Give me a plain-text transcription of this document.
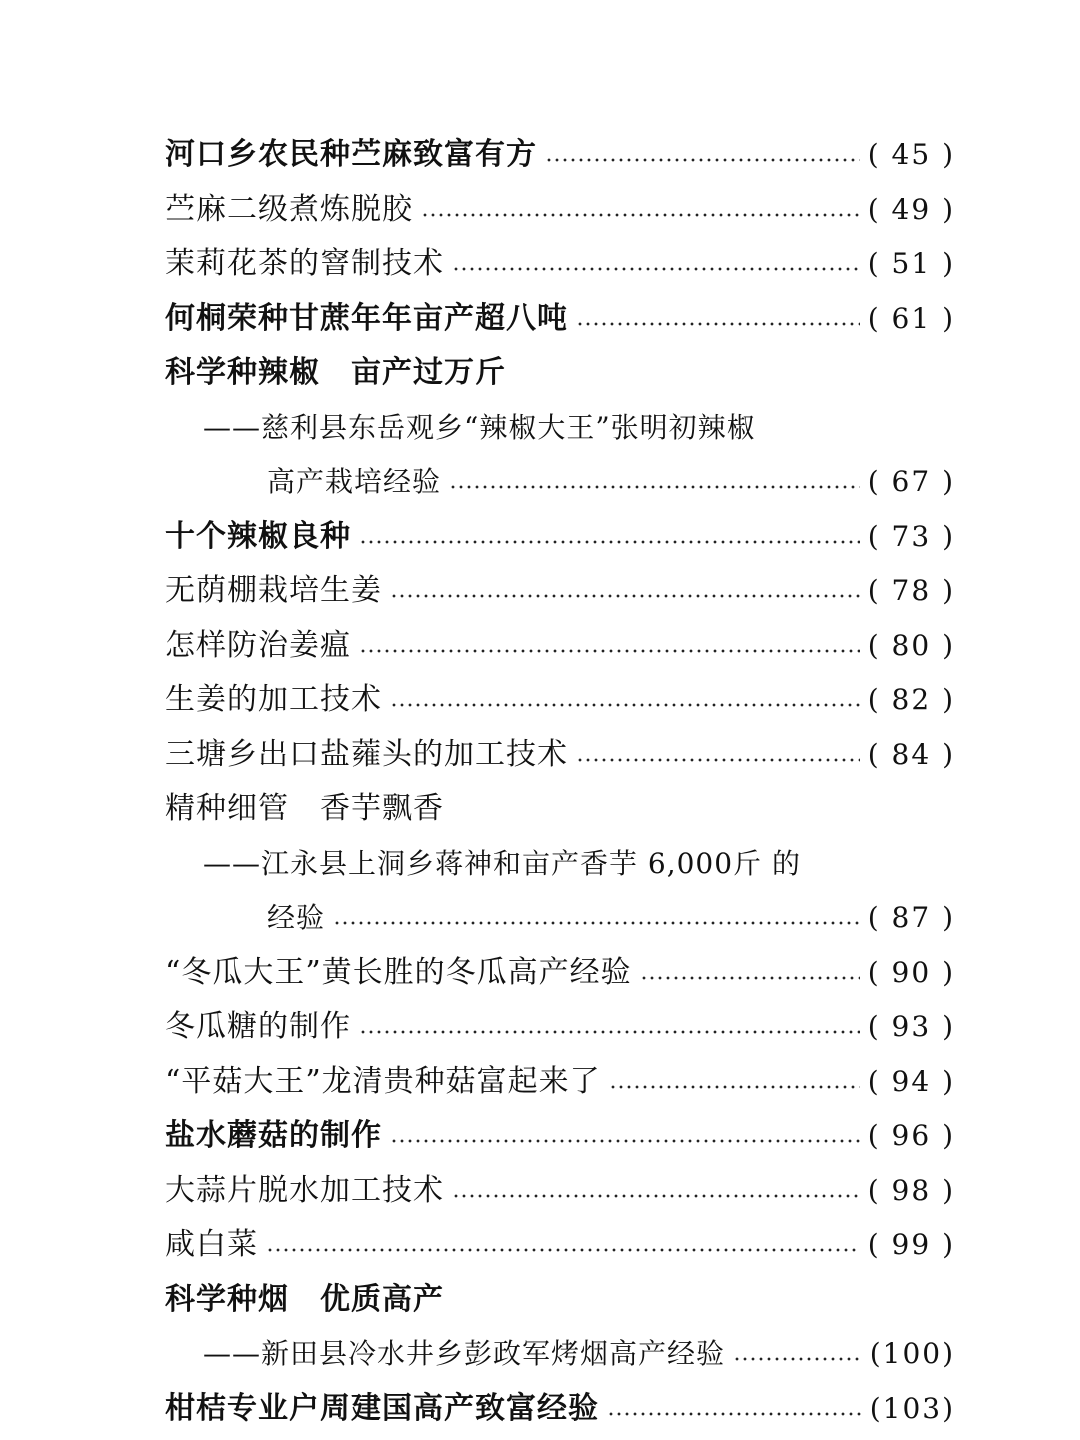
河口乡农民种苎麻致富有方	( 45 )
苎麻二级煮炼脱胶	( 49 )
茉莉花茶的窨制技术	( 51 )
何桐荣种甘蔗年年亩产超八吨	( 61 )
科学种辣椒　亩产过万斤
——慈利县东岳观乡“辣椒大王”张明初辣椒
高产栽培经验	( 67 )
十个辣椒良种	( 73 )
无荫棚栽培生姜	( 78 )
怎样防治姜瘟	( 80 )
生姜的加工技术	( 82 )
三塘乡出口盐蕹头的加工技术	( 84 )
精种细管　香芋飘香
——江永县上洞乡蒋神和亩产香芋 6,000斤 的
经验	( 87 )
“冬瓜大王”黄长胜的冬瓜高产经验	( 90 )
冬瓜糖的制作	( 93 )
“平菇大王”龙清贵种菇富起来了	( 94 )
盐水蘑菇的制作	( 96 )
大蒜片脱水加工技术	( 98 )
咸白菜	( 99 )
科学种烟　优质高产
——新田县冷水井乡彭政军烤烟高产经验	(100)
柑桔专业户周建国高产致富经验	(103)
